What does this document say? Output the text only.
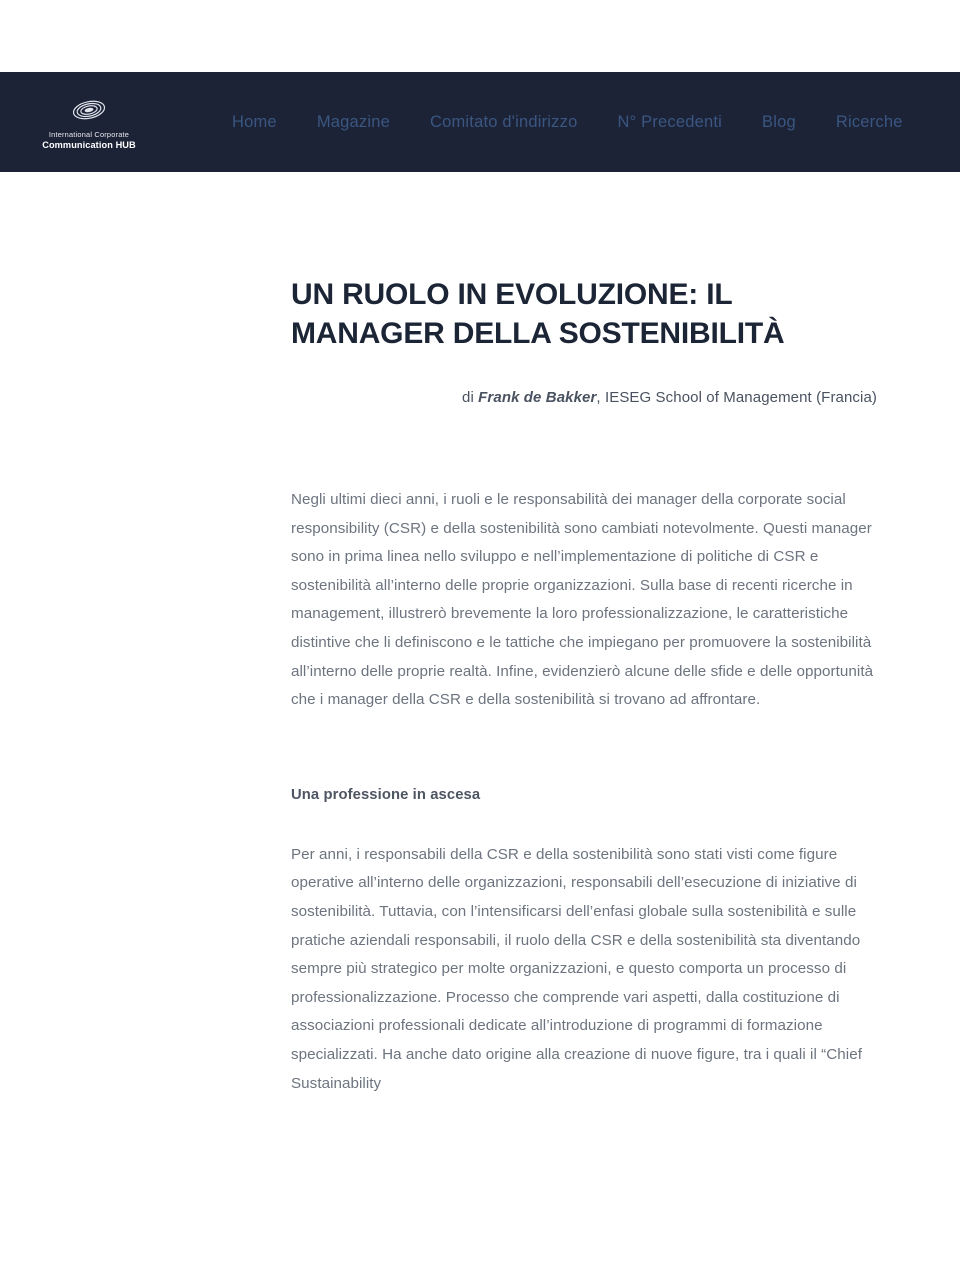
International Corporate
Communication HUB
Home Magazine Comitato d'indirizzo N° Precedenti Blog Ricerche
UN RUOLO IN EVOLUZIONE: IL MANAGER DELLA SOSTENIBILITÀ
di Frank de Bakker, IESEG School of Management (Francia)

Negli ultimi dieci anni, i ruoli e le responsabilità dei manager della corporate social responsibility (CSR) e della sostenibilità sono cambiati notevolmente. Questi manager sono in prima linea nello sviluppo e nell’implementazione di politiche di CSR e sostenibilità all’interno delle proprie organizzazioni. Sulla base di recenti ricerche in management, illustrerò brevemente la loro professionalizzazione, le caratteristiche distintive che li definiscono e le tattiche che impiegano per promuovere la sostenibilità all’interno delle proprie realtà. Infine, evidenzierò alcune delle sfide e delle opportunità che i manager della CSR e della sostenibilità si trovano ad affrontare.

Una professione in ascesa

Per anni, i responsabili della CSR e della sostenibilità sono stati visti come figure operative all’interno delle organizzazioni, responsabili dell’esecuzione di iniziative di sostenibilità. Tuttavia, con l’intensificarsi dell’enfasi globale sulla sostenibilità e sulle pratiche aziendali responsabili, il ruolo della CSR e della sostenibilità sta diventando sempre più strategico per molte organizzazioni, e questo comporta un processo di professionalizzazione. Processo che comprende vari aspetti, dalla costituzione di associazioni professionali dedicate all’introduzione di programmi di formazione specializzati. Ha anche dato origine alla creazione di nuove figure, tra i quali il “Chief Sustainability
